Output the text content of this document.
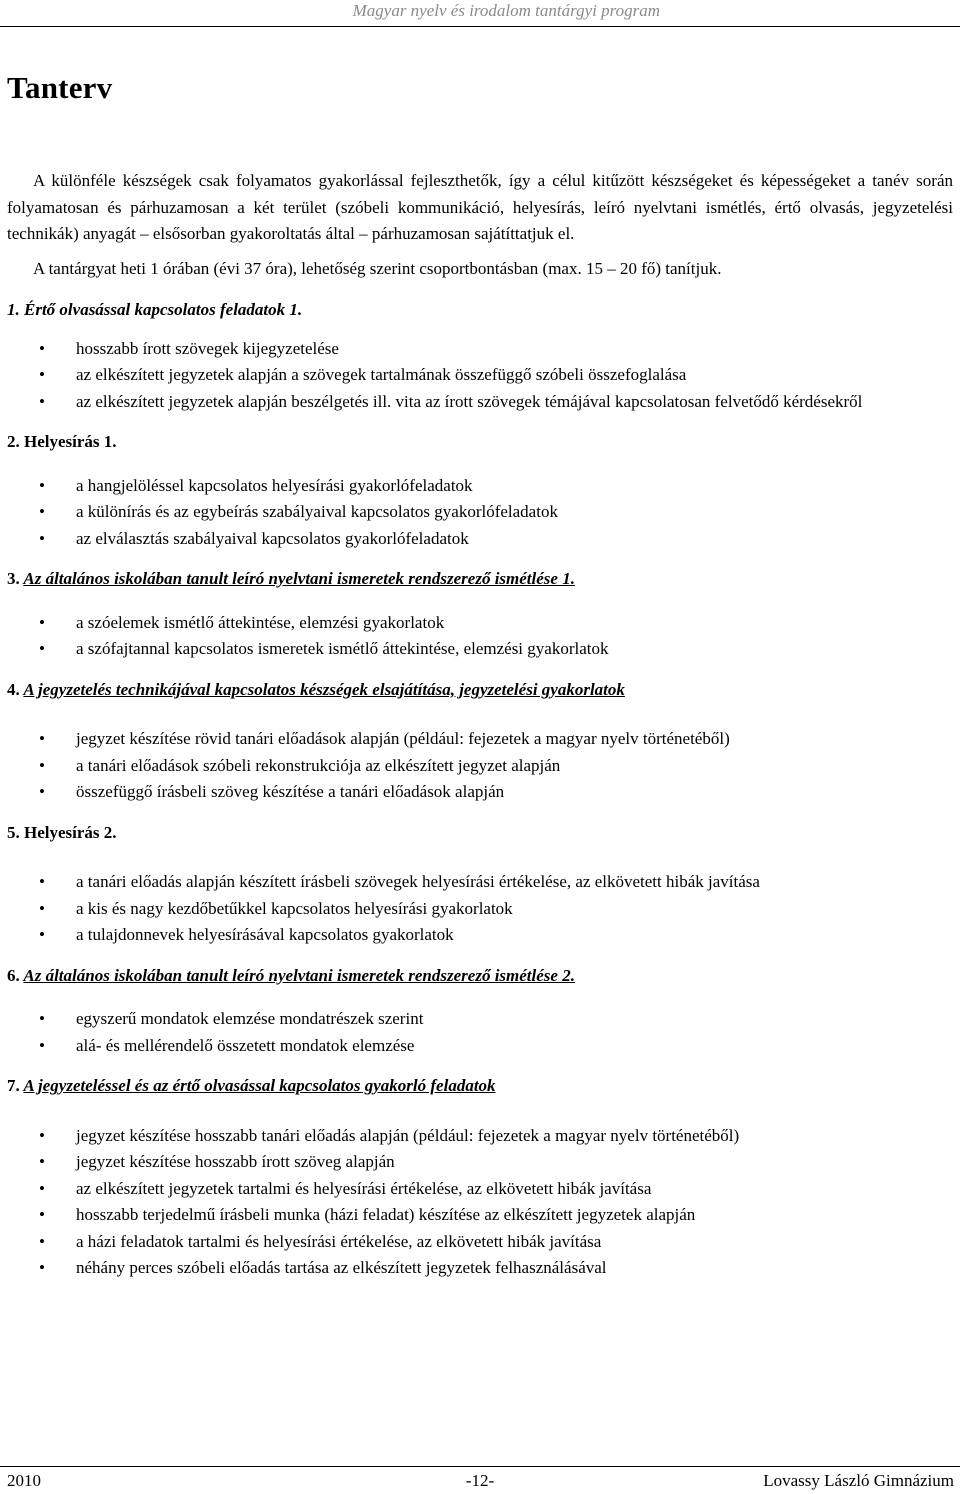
Magyar nyelv és irodalom tantárgyi program
Tanterv

A különféle készségek csak folyamatos gyakorlással fejleszthetők, így a célul kitűzött készségeket és képességeket a tanév során folyamatosan és párhuzamosan a két terület (szóbeli kommunikáció, helyesírás, leíró nyelvtani ismétlés, értő olvasás, jegyzetelési technikák) anyagát – elsősorban gyakoroltatás által – párhuzamosan sajátíttatjuk el.

A tantárgyat heti 1 órában (évi 37 óra), lehetőség szerint csoportbontásban (max. 15 – 20 fő) tanítjuk.

1. Értő olvasással kapcsolatos feladatok 1.

• hosszabb írott szövegek kijegyzetelése
• az elkészített jegyzetek alapján a szövegek tartalmának összefüggő szóbeli összefoglalása
• az elkészített jegyzetek alapján beszélgetés ill. vita az írott szövegek témájával kapcsolatosan felvetődő kérdésekről

2. Helyesírás 1.

• a hangjelöléssel kapcsolatos helyesírási gyakorlófeladatok
• a különírás és az egybeírás szabályaival kapcsolatos gyakorlófeladatok
• az elválasztás szabályaival kapcsolatos gyakorlófeladatok

3. Az általános iskolában tanult leíró nyelvtani ismeretek rendszerező ismétlése 1.

• a szóelemek ismétlő áttekintése, elemzési gyakorlatok
• a szófajtannal kapcsolatos ismeretek ismétlő áttekintése, elemzési gyakorlatok

4. A jegyzetelés technikájával kapcsolatos készségek elsajátítása, jegyzetelési gyakorlatok

• jegyzet készítése rövid tanári előadások alapján (például: fejezetek a magyar nyelv történetéből)
• a tanári előadások szóbeli rekonstrukciója az elkészített jegyzet alapján
• összefüggő írásbeli szöveg készítése a tanári előadások alapján

5. Helyesírás 2.

• a tanári előadás alapján készített írásbeli szövegek helyesírási értékelése, az elkövetett hibák javítása
• a kis és nagy kezdőbetűkkel kapcsolatos helyesírási gyakorlatok
• a tulajdonnevek helyesírásával kapcsolatos gyakorlatok

6. Az általános iskolában tanult leíró nyelvtani ismeretek rendszerező ismétlése 2.

• egyszerű mondatok elemzése mondatrészek szerint
• alá- és mellérendelő összetett mondatok elemzése

7. A jegyzeteléssel és az értő olvasással kapcsolatos gyakorló feladatok

• jegyzet készítése hosszabb tanári előadás alapján (például: fejezetek a magyar nyelv történetéből)
• jegyzet készítése hosszabb írott szöveg alapján
• az elkészített jegyzetek tartalmi és helyesírási értékelése, az elkövetett hibák javítása
• hosszabb terjedelmű írásbeli munka (házi feladat) készítése az elkészített jegyzetek alapján
• a házi feladatok tartalmi és helyesírási értékelése, az elkövetett hibák javítása
• néhány perces szóbeli előadás tartása az elkészített jegyzetek felhasználásával
2010	-12-	Lovassy László Gimnázium
